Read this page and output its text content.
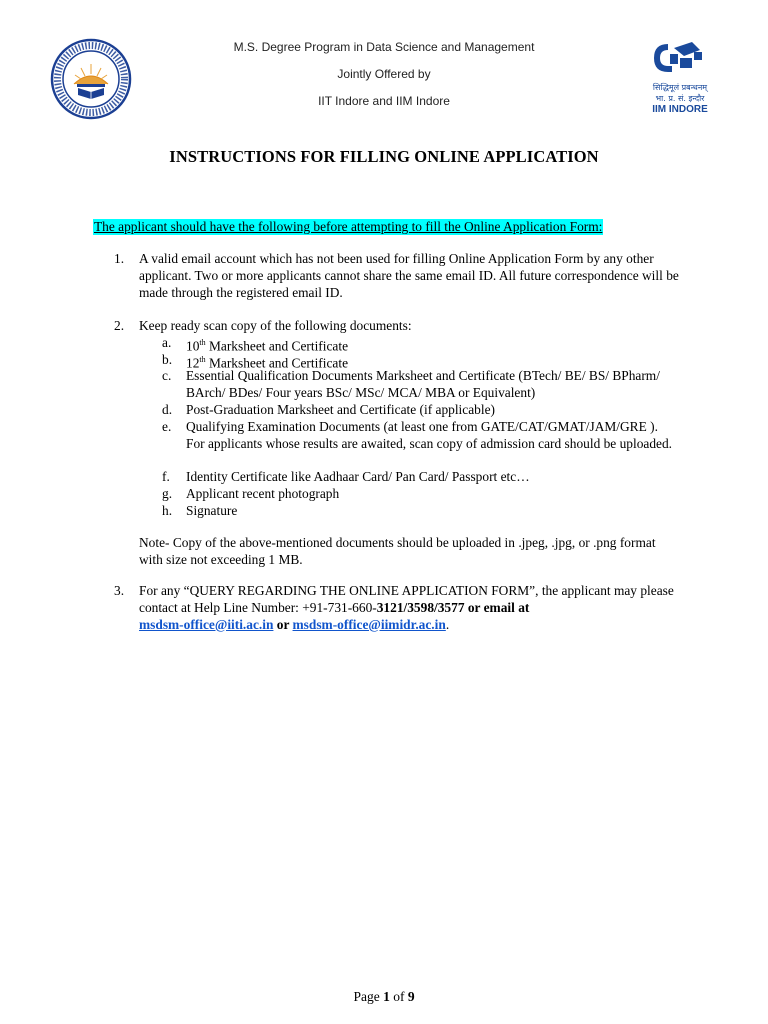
M.S. Degree Program in Data Science and Management
Jointly Offered by
IIT Indore and IIM Indore
सिद्धिमूलं प्रबन्धनम्
भा. प्र. सं. इन्दौर
IIM INDORE
INSTRUCTIONS FOR FILLING ONLINE APPLICATION
The applicant should have the following before attempting to fill the Online Application Form:
1. A valid email account which has not been used for filling Online Application Form by any other applicant. Two or more applicants cannot share the same email ID. All future correspondence will be made through the registered email ID.
2. Keep ready scan copy of the following documents:
a. 10th Marksheet and Certificate
b. 12th Marksheet and Certificate
c. Essential Qualification Documents Marksheet and Certificate (BTech/ BE/ BS/ BPharm/ BArch/ BDes/ Four years BSc/ MSc/ MCA/ MBA or Equivalent)
d. Post-Graduation Marksheet and Certificate (if applicable)
e. Qualifying Examination Documents (at least one from GATE/CAT/GMAT/JAM/GRE ). For applicants whose results are awaited, scan copy of admission card should be uploaded.
f. Identity Certificate like Aadhaar Card/ Pan Card/ Passport etc…
g. Applicant recent photograph
h. Signature
Note- Copy of the above-mentioned documents should be uploaded in .jpeg, .jpg, or .png format with size not exceeding 1 MB.
3. For any “QUERY REGARDING THE ONLINE APPLICATION FORM”, the applicant may please contact at Help Line Number: +91-731-660-3121/3598/3577 or email at
msdsm-office@iiti.ac.in or msdsm-office@iimidr.ac.in.
Page 1 of 9
